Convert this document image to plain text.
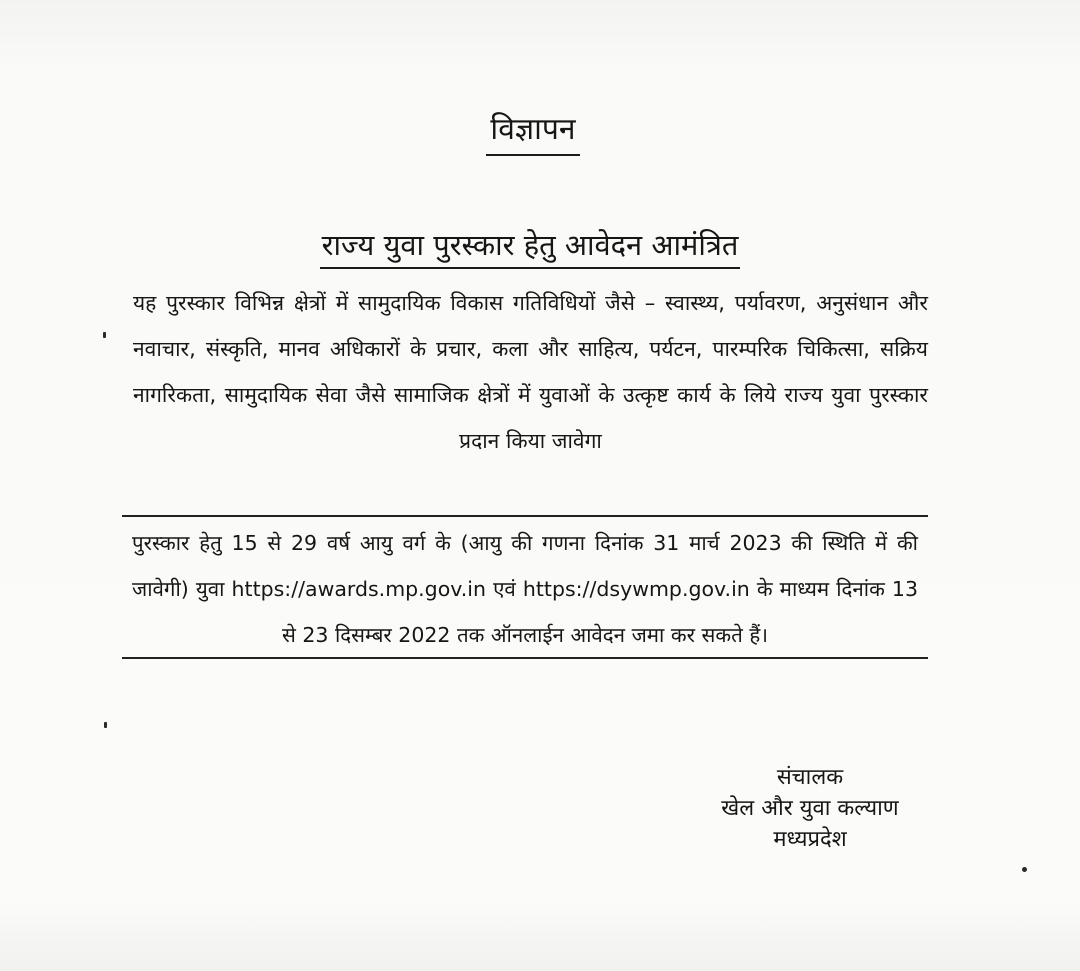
विज्ञापन
राज्य युवा पुरस्कार हेतु आवेदन आमंत्रित
यह पुरस्कार विभिन्न क्षेत्रों में सामुदायिक विकास गतिविधियों जैसे – स्वास्थ्य, पर्यावरण, अनुसंधान और नवाचार, संस्कृति, मानव अधिकारों के प्रचार, कला और साहित्य, पर्यटन, पारम्परिक चिकित्सा, सक्रिय नागरिकता, सामुदायिक सेवा जैसे सामाजिक क्षेत्रों में युवाओं के उत्कृष्ट कार्य के लिये राज्य युवा पुरस्कार प्रदान किया जावेगा
पुरस्कार हेतु 15 से 29 वर्ष आयु वर्ग के (आयु की गणना दिनांक 31 मार्च 2023 की स्थिति में की जावेगी) युवा https://awards.mp.gov.in एवं https://dsywmp.gov.in के माध्यम दिनांक 13 से 23 दिसम्बर 2022 तक ऑनलाईन आवेदन जमा कर सकते हैं।
संचालक
खेल और युवा कल्याण
मध्यप्रदेश
